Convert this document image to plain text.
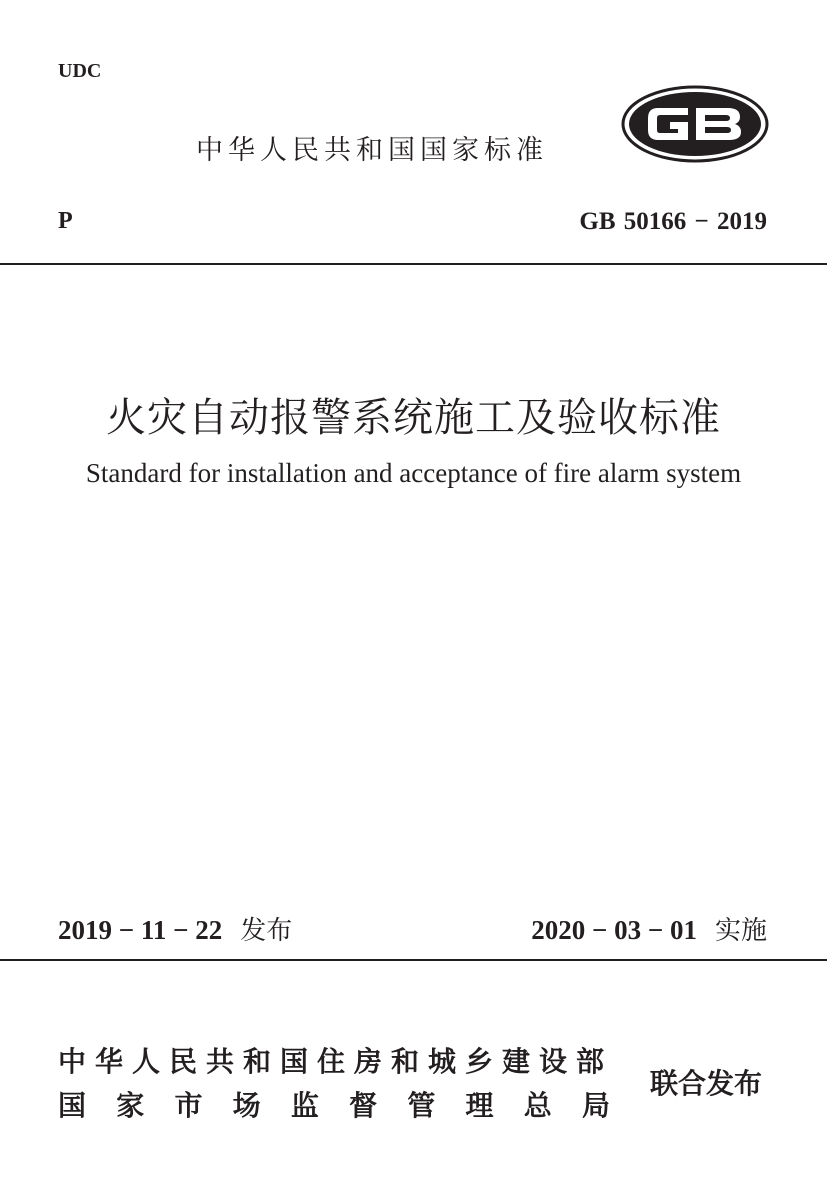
UDC
中华人民共和国国家标准
P	GB 50166 − 2019
火灾自动报警系统施工及验收标准
Standard for installation and acceptance of fire alarm system
2019 − 11 − 22 发布	2020 − 03 − 01 实施
中华人民共和国住房和城乡建设部
国 家 市 场 监 督 管 理 总 局
联合发布
